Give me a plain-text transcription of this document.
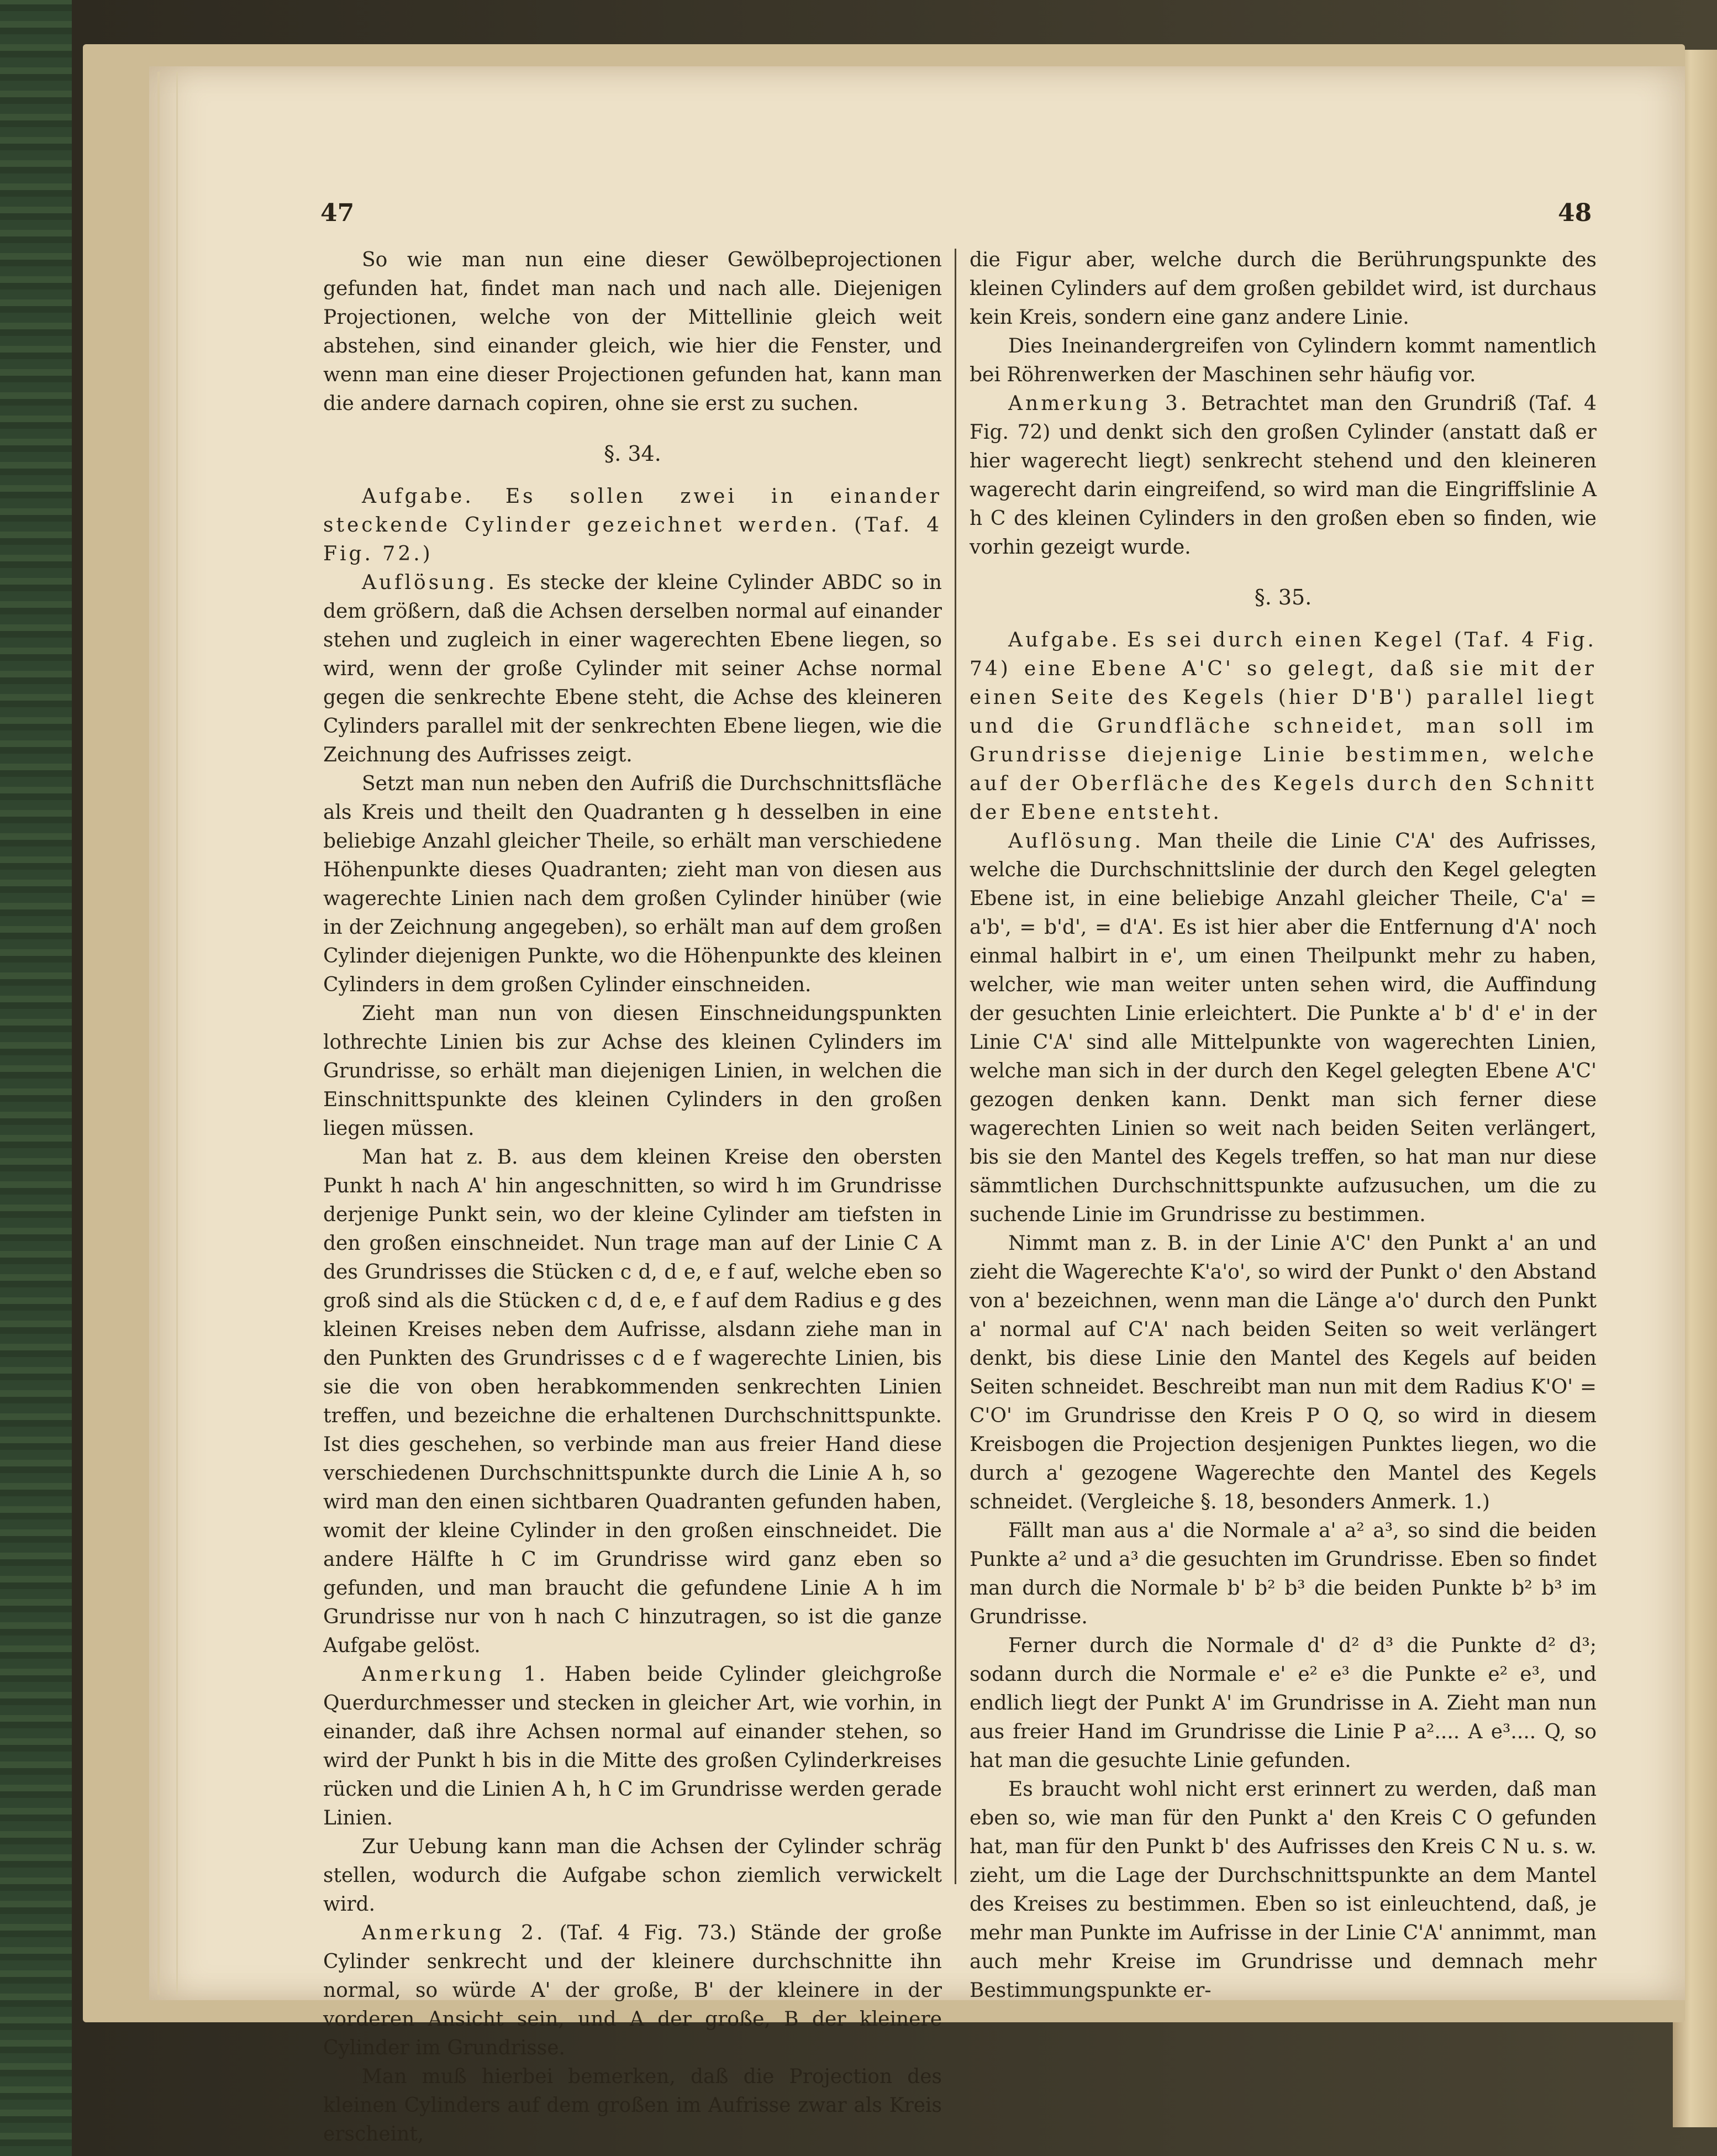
47	48

So wie man nun eine dieser Gewölbeprojectionen gefunden hat, findet man nach und nach alle. Diejenigen Projectionen, welche von der Mittellinie gleich weit abstehen, sind einander gleich, wie hier die Fenster, und wenn man eine dieser Projectionen gefunden hat, kann man die andere darnach copiren, ohne sie erst zu suchen.

§. 34.

Aufgabe. Es sollen zwei in einander steckende Cylinder gezeichnet werden. (Taf. 4 Fig. 72.)

Auflösung. Es stecke der kleine Cylinder ABDC so in dem größern, daß die Achsen derselben normal auf einander stehen und zugleich in einer wagerechten Ebene liegen, so wird, wenn der große Cylinder mit seiner Achse normal gegen die senkrechte Ebene steht, die Achse des kleineren Cylinders parallel mit der senkrechten Ebene liegen, wie die Zeichnung des Aufrisses zeigt.

Setzt man nun neben den Aufriß die Durchschnittsfläche als Kreis und theilt den Quadranten g h desselben in eine beliebige Anzahl gleicher Theile, so erhält man verschiedene Höhenpunkte dieses Quadranten; zieht man von diesen aus wagerechte Linien nach dem großen Cylinder hinüber (wie in der Zeichnung angegeben), so erhält man auf dem großen Cylinder diejenigen Punkte, wo die Höhenpunkte des kleinen Cylinders in dem großen Cylinder einschneiden.

Zieht man nun von diesen Einschneidungspunkten lothrechte Linien bis zur Achse des kleinen Cylinders im Grundrisse, so erhält man diejenigen Linien, in welchen die Einschnittspunkte des kleinen Cylinders in den großen liegen müssen.

Man hat z. B. aus dem kleinen Kreise den obersten Punkt h nach A' hin angeschnitten, so wird h im Grundrisse derjenige Punkt sein, wo der kleine Cylinder am tiefsten in den großen einschneidet. Nun trage man auf der Linie C A des Grundrisses die Stücken c d, d e, e f auf, welche eben so groß sind als die Stücken c d, d e, e f auf dem Radius e g des kleinen Kreises neben dem Aufrisse, alsdann ziehe man in den Punkten des Grundrisses c d e f wagerechte Linien, bis sie die von oben herabkommenden senkrechten Linien treffen, und bezeichne die erhaltenen Durchschnittspunkte. Ist dies geschehen, so verbinde man aus freier Hand diese verschiedenen Durchschnittspunkte durch die Linie A h, so wird man den einen sichtbaren Quadranten gefunden haben, womit der kleine Cylinder in den großen einschneidet. Die andere Hälfte h C im Grundrisse wird ganz eben so gefunden, und man braucht die gefundene Linie A h im Grundrisse nur von h nach C hinzutragen, so ist die ganze Aufgabe gelöst.

Anmerkung 1. Haben beide Cylinder gleichgroße Querdurchmesser und stecken in gleicher Art, wie vorhin, in einander, daß ihre Achsen normal auf einander stehen, so wird der Punkt h bis in die Mitte des großen Cylinderkreises rücken und die Linien A h, h C im Grundrisse werden gerade Linien.

Zur Uebung kann man die Achsen der Cylinder schräg stellen, wodurch die Aufgabe schon ziemlich verwickelt wird.

Anmerkung 2. (Taf. 4 Fig. 73.) Stände der große Cylinder senkrecht und der kleinere durchschnitte ihn normal, so würde A' der große, B' der kleinere in der vorderen Ansicht sein, und A der große, B der kleinere Cylinder im Grundrisse.

Man muß hierbei bemerken, daß die Projection des kleinen Cylinders auf dem großen im Aufrisse zwar als Kreis erscheint,

die Figur aber, welche durch die Berührungspunkte des kleinen Cylinders auf dem großen gebildet wird, ist durchaus kein Kreis, sondern eine ganz andere Linie.

Dies Ineinandergreifen von Cylindern kommt namentlich bei Röhrenwerken der Maschinen sehr häufig vor.

Anmerkung 3. Betrachtet man den Grundriß (Taf. 4 Fig. 72) und denkt sich den großen Cylinder (anstatt daß er hier wagerecht liegt) senkrecht stehend und den kleineren wagerecht darin eingreifend, so wird man die Eingriffslinie A h C des kleinen Cylinders in den großen eben so finden, wie vorhin gezeigt wurde.

§. 35.

Aufgabe. Es sei durch einen Kegel (Taf. 4 Fig. 74) eine Ebene A'C' so gelegt, daß sie mit der einen Seite des Kegels (hier D'B') parallel liegt und die Grundfläche schneidet, man soll im Grundrisse diejenige Linie bestimmen, welche auf der Oberfläche des Kegels durch den Schnitt der Ebene entsteht.

Auflösung. Man theile die Linie C'A' des Aufrisses, welche die Durchschnittslinie der durch den Kegel gelegten Ebene ist, in eine beliebige Anzahl gleicher Theile, C'a' = a'b', = b'd', = d'A'. Es ist hier aber die Entfernung d'A' noch einmal halbirt in e', um einen Theilpunkt mehr zu haben, welcher, wie man weiter unten sehen wird, die Auffindung der gesuchten Linie erleichtert. Die Punkte a' b' d' e' in der Linie C'A' sind alle Mittelpunkte von wagerechten Linien, welche man sich in der durch den Kegel gelegten Ebene A'C' gezogen denken kann. Denkt man sich ferner diese wagerechten Linien so weit nach beiden Seiten verlängert, bis sie den Mantel des Kegels treffen, so hat man nur diese sämmtlichen Durchschnittspunkte aufzusuchen, um die zu suchende Linie im Grundrisse zu bestimmen.

Nimmt man z. B. in der Linie A'C' den Punkt a' an und zieht die Wagerechte K'a'o', so wird der Punkt o' den Abstand von a' bezeichnen, wenn man die Länge a'o' durch den Punkt a' normal auf C'A' nach beiden Seiten so weit verlängert denkt, bis diese Linie den Mantel des Kegels auf beiden Seiten schneidet. Beschreibt man nun mit dem Radius K'O' = C'O' im Grundrisse den Kreis P O Q, so wird in diesem Kreisbogen die Projection desjenigen Punktes liegen, wo die durch a' gezogene Wagerechte den Mantel des Kegels schneidet. (Vergleiche §. 18, besonders Anmerk. 1.)

Fällt man aus a' die Normale a' a² a³, so sind die beiden Punkte a² und a³ die gesuchten im Grundrisse. Eben so findet man durch die Normale b' b² b³ die beiden Punkte b² b³ im Grundrisse.

Ferner durch die Normale d' d² d³ die Punkte d² d³; sodann durch die Normale e' e² e³ die Punkte e² e³, und endlich liegt der Punkt A' im Grundrisse in A. Zieht man nun aus freier Hand im Grundrisse die Linie P a².... A e³.... Q, so hat man die gesuchte Linie gefunden.

Es braucht wohl nicht erst erinnert zu werden, daß man eben so, wie man für den Punkt a' den Kreis C O gefunden hat, man für den Punkt b' des Aufrisses den Kreis C N u. s. w. zieht, um die Lage der Durchschnittspunkte an dem Mantel des Kreises zu bestimmen. Eben so ist einleuchtend, daß, je mehr man Punkte im Aufrisse in der Linie C'A' annimmt, man auch mehr Kreise im Grundrisse und demnach mehr Bestimmungspunkte er-
